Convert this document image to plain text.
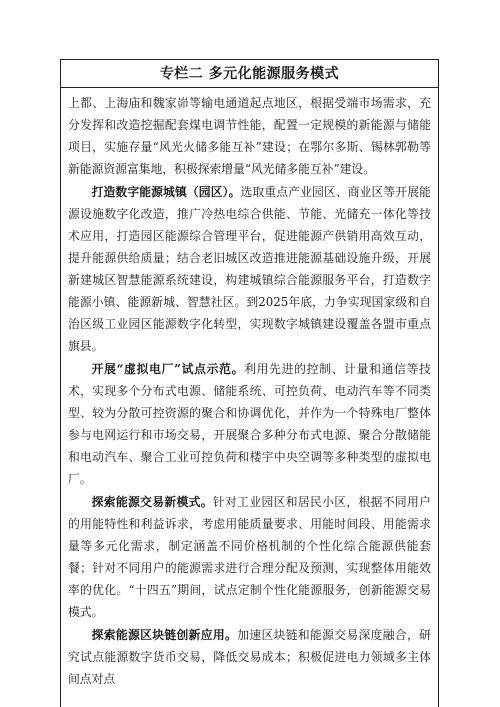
专栏二 多元化能源服务模式

上都、上海庙和魏家峁等输电通道起点地区，根据受端市场需求，充分发挥和改造挖掘配套煤电调节性能，配置一定规模的新能源与储能项目，实施存量“风光火储多能互补”建设；在鄂尔多斯、锡林郭勒等新能源资源富集地，积极探索增量“风光储多能互补”建设。

打造数字能源城镇（园区）。选取重点产业园区、商业区等开展能源设施数字化改造，推广冷热电综合供能、节能、光储充一体化等技术应用，打造园区能源综合管理平台，促进能源产供销用高效互动，提升能源供给质量；结合老旧城区改造推进能源基础设施升级，开展新建城区智慧能源系统建设，构建城镇综合能源服务平台，打造数字能源小镇、能源新城、智慧社区。到2025年底，力争实现国家级和自治区级工业园区能源数字化转型，实现数字城镇建设覆盖各盟市重点旗县。

开展“虚拟电厂”试点示范。利用先进的控制、计量和通信等技术，实现多个分布式电源、储能系统、可控负荷、电动汽车等不同类型、较为分散可控资源的聚合和协调优化，并作为一个特殊电厂整体参与电网运行和市场交易，开展聚合多种分布式电源、聚合分散储能和电动汽车、聚合工业可控负荷和楼宇中央空调等多种类型的虚拟电厂。

探索能源交易新模式。针对工业园区和居民小区，根据不同用户的用能特性和利益诉求，考虑用能质量要求、用能时间段、用能需求量等多元化需求，制定涵盖不同价格机制的个性化综合能源供能套餐；针对不同用户的能源需求进行合理分配及预测，实现整体用能效率的优化。“十四五”期间，试点定制个性化能源服务，创新能源交易模式。

探索能源区块链创新应用。加速区块链和能源交易深度融合，研究试点能源数字货币交易，降低交易成本；积极促进电力领域多主体间点对点
